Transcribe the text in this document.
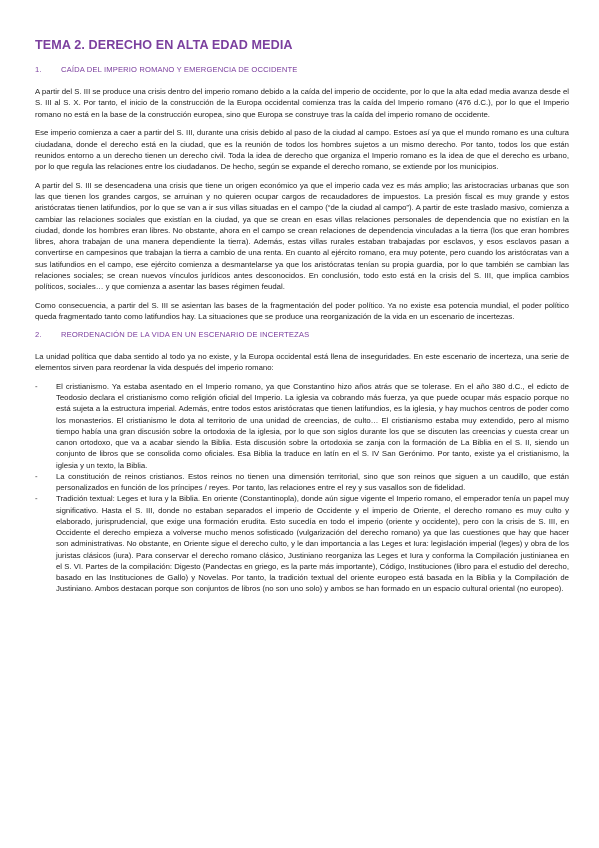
TEMA 2. DERECHO EN ALTA EDAD MEDIA
1.	CAÍDA DEL IMPERIO ROMANO Y EMERGENCIA DE OCCIDENTE

A partir del S. III se produce una crisis dentro del imperio romano debido a la caída del imperio de occidente, por lo que la alta edad media avanza desde el S. III al S. X. Por tanto, el inicio de la construcción de la Europa occidental comienza tras la caída del Imperio romano (476 d.C.), por lo que el Imperio romano no está en la base de la construcción europea, sino que Europa se construye tras la caída del imperio romano de occidente.

Ese imperio comienza a caer a partir del S. III, durante una crisis debido al paso de la ciudad al campo. Estoes así ya que el mundo romano es una cultura ciudadana, donde el derecho está en la ciudad, que es la reunión de todos los hombres sujetos a un mismo derecho. Por tanto, todos los que están reunidos entorno a un derecho tienen un derecho civil. Toda la idea de derecho que organiza el Imperio romano es la idea de que el derecho es urbano, por lo que regula las relaciones entre los ciudadanos. De hecho, según se expande el derecho romano, se extiende por los municipios.

A partir del S. III se desencadena una crisis que tiene un origen económico ya que el imperio cada vez es más amplio; las aristocracias urbanas que son las que tienen los grandes cargos, se arruinan y no quieren ocupar cargos de recaudadores de impuestos. La presión fiscal es muy grande y estos aristócratas tienen latifundios, por lo que se van a ir sus villas situadas en el campo (“de la ciudad al campo”). A partir de este traslado masivo, comienza a cambiar las relaciones sociales que existían en la ciudad, ya que se crean en esas villas relaciones personales de dependencia que no existían en la ciudad, donde los hombres eran libres. No obstante, ahora en el campo se crean relaciones de dependencia vinculadas a la tierra (los que eran hombres libres, ahora trabajan de una manera dependiente la tierra). Además, estas villas rurales estaban trabajadas por esclavos, y esos esclavos pasan a convertirse en campesinos que trabajan la tierra a cambio de una renta. En cuanto al ejército romano, era muy potente, pero cuando los aristócratas van a sus latifundios en el campo, ese ejército comienza a desmantelarse ya que los aristócratas tenían su propia guardia, por lo que también se cambian las relaciones sociales; se crean nuevos vínculos jurídicos antes desconocidos. En conclusión, todo esto está en la crisis del S. III, que implica cambios políticos, sociales… y que comienza a asentar las bases régimen feudal.

Como consecuencia, a partir del S. III se asientan las bases de la fragmentación del poder político. Ya no existe esa potencia mundial, el poder político queda fragmentado tanto como latifundios hay. La situaciones que se produce una reorganización de la vida en un escenario de incertezas.

2.	REORDENACIÓN DE LA VIDA EN UN ESCENARIO DE INCERTEZAS

La unidad política que daba sentido al todo ya no existe, y la Europa occidental está llena de inseguridades. En este escenario de incerteza, una serie de elementos sirven para reordenar la vida después del imperio romano:

- El cristianismo. Ya estaba asentado en el Imperio romano, ya que Constantino hizo años atrás que se tolerase. En el año 380 d.C., el edicto de Teodosio declara el cristianismo como religión oficial del Imperio. La iglesia va cobrando más fuerza, ya que puede ocupar más espacio porque no está sujeta a la estructura imperial. Además, entre todos estos aristócratas que tienen latifundios, es la iglesia, y hay muchos centros de poder como los monasterios. El cristianismo le dota al territorio de una unidad de creencias, de culto… El cristianismo estaba muy extendido, pero al mismo tiempo había una gran discusión sobre la ortodoxia de la iglesia, por lo que son siglos durante los que se discuten las creencias y cuesta crear un canon ortodoxo, que va a acabar siendo la Biblia. Esta discusión sobre la ortodoxia se zanja con la formación de La Biblia en el S. II, siendo un conjunto de libros que se consolida como oficiales. Esa Biblia la traduce en latín en el S. IV San Gerónimo. Por tanto, existe ya el cristianismo, la iglesia y un texto, la Biblia.
- La constitución de reinos cristianos. Estos reinos no tienen una dimensión territorial, sino que son reinos que siguen a un caudillo, que están personalizados en función de los príncipes / reyes. Por tanto, las relaciones entre el rey y sus vasallos son de fidelidad.
- Tradición textual: Leges et Iura y la Biblia. En oriente (Constantinopla), donde aún sigue vigente el Imperio romano, el emperador tenía un papel muy significativo. Hasta el S. III, donde no estaban separados el imperio de Occidente y el imperio de Oriente, el derecho romano es muy culto y elaborado, jurisprudencial, que exige una formación erudita. Esto sucedía en todo el imperio (oriente y occidente), pero con la crisis de S. III, en Occidente el derecho empieza a volverse mucho menos sofisticado (vulgarización del derecho romano) ya que las cuestiones que hay que hacer son administrativas. No obstante, en Oriente sigue el derecho culto, y le dan importancia a las Leges et Iura: legislación imperial (leges) y obra de los juristas clásicos (iura). Para conservar el derecho romano clásico, Justiniano reorganiza las Leges et Iura y conforma la Compilación justinianea en el S. VI. Partes de la compilación: Digesto (Pandectas en griego, es la parte más importante), Código, Instituciones (libro para el estudio del derecho, basado en las Instituciones de Gallo) y Novelas. Por tanto, la tradición textual del oriente europeo está basada en la Biblia y la Compilación de Justiniano. Ambos destacan porque son conjuntos de libros (no son uno solo) y ambos se han formado en un espacio cultural oriental (no europeo).
